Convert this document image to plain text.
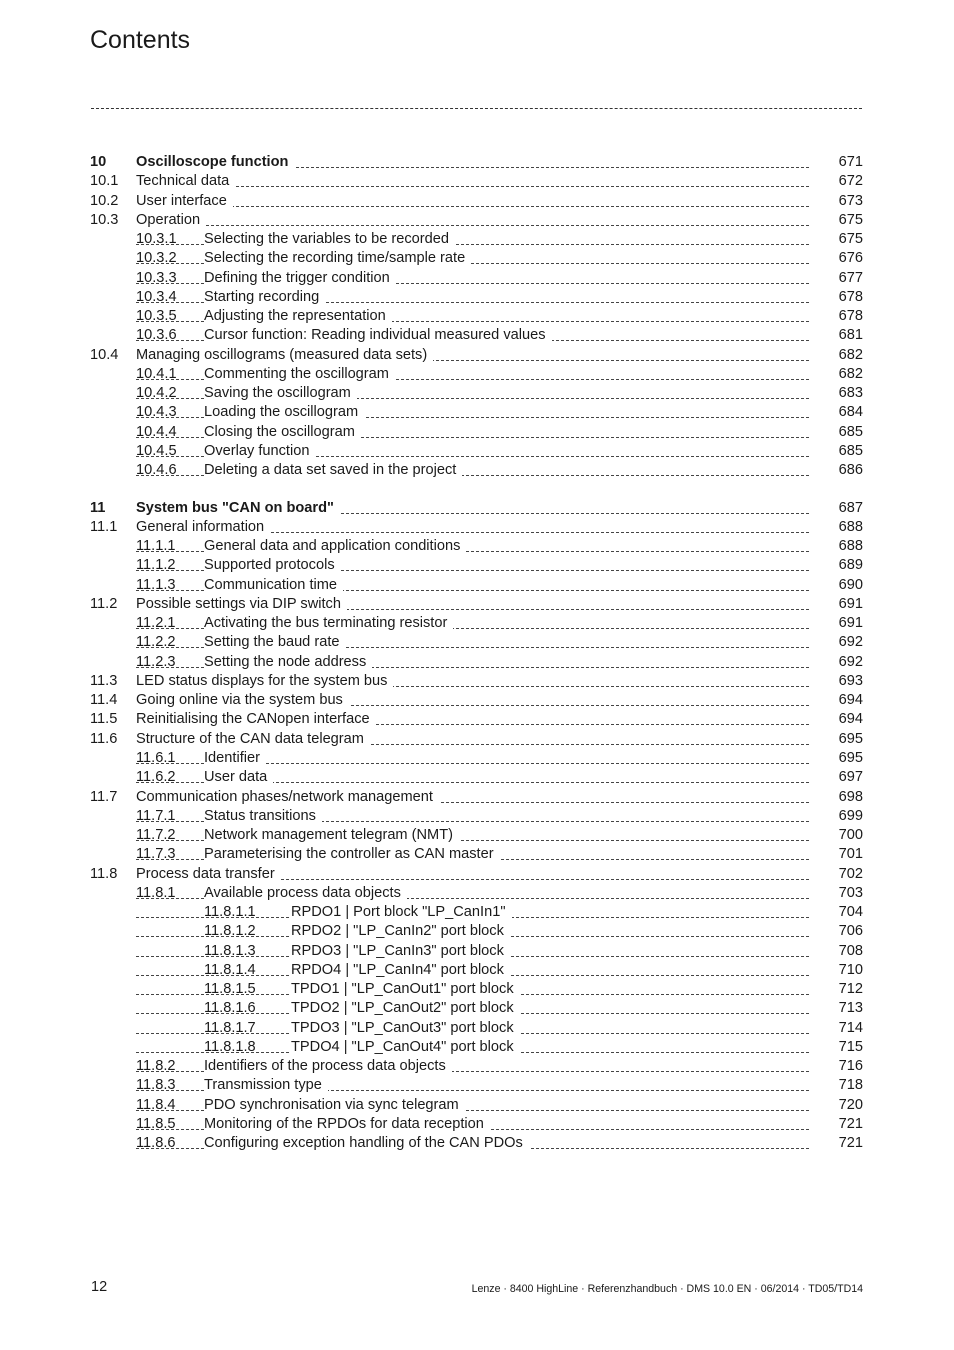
Contents
10 Oscilloscope function	671
10.1 Technical data	672
10.2 User interface	673
10.3 Operation	675
10.3.1 Selecting the variables to be recorded	675
10.3.2 Selecting the recording time/sample rate	676
10.3.3 Defining the trigger condition	677
10.3.4 Starting recording	678
10.3.5 Adjusting the representation	678
10.3.6 Cursor function: Reading individual measured values	681
10.4 Managing oscillograms (measured data sets)	682
10.4.1 Commenting the oscillogram	682
10.4.2 Saving the oscillogram	683
10.4.3 Loading the oscillogram	684
10.4.4 Closing the oscillogram	685
10.4.5 Overlay function	685
10.4.6 Deleting a data set saved in the project	686
11 System bus "CAN on board"	687
11.1 General information	688
11.1.1 General data and application conditions	688
11.1.2 Supported protocols	689
11.1.3 Communication time	690
11.2 Possible settings via DIP switch	691
11.2.1 Activating the bus terminating resistor	691
11.2.2 Setting the baud rate	692
11.2.3 Setting the node address	692
11.3 LED status displays for the system bus	693
11.4 Going online via the system bus	694
11.5 Reinitialising the CANopen interface	694
11.6 Structure of the CAN data telegram	695
11.6.1 Identifier	695
11.6.2 User data	697
11.7 Communication phases/network management	698
11.7.1 Status transitions	699
11.7.2 Network management telegram (NMT)	700
11.7.3 Parameterising the controller as CAN master	701
11.8 Process data transfer	702
11.8.1 Available process data objects	703
11.8.1.1 RPDO1 | Port block "LP_CanIn1"	704
11.8.1.2 RPDO2 | "LP_CanIn2" port block	706
11.8.1.3 RPDO3 | "LP_CanIn3" port block	708
11.8.1.4 RPDO4 | "LP_CanIn4" port block	710
11.8.1.5 TPDO1 | "LP_CanOut1" port block	712
11.8.1.6 TPDO2 | "LP_CanOut2" port block	713
11.8.1.7 TPDO3 | "LP_CanOut3" port block	714
11.8.1.8 TPDO4 | "LP_CanOut4" port block	715
11.8.2 Identifiers of the process data objects	716
11.8.3 Transmission type	718
11.8.4 PDO synchronisation via sync telegram	720
11.8.5 Monitoring of the RPDOs for data reception	721
11.8.6 Configuring exception handling of the CAN PDOs	721
12	Lenze · 8400 HighLine · Referenzhandbuch · DMS 10.0 EN · 06/2014 · TD05/TD14
